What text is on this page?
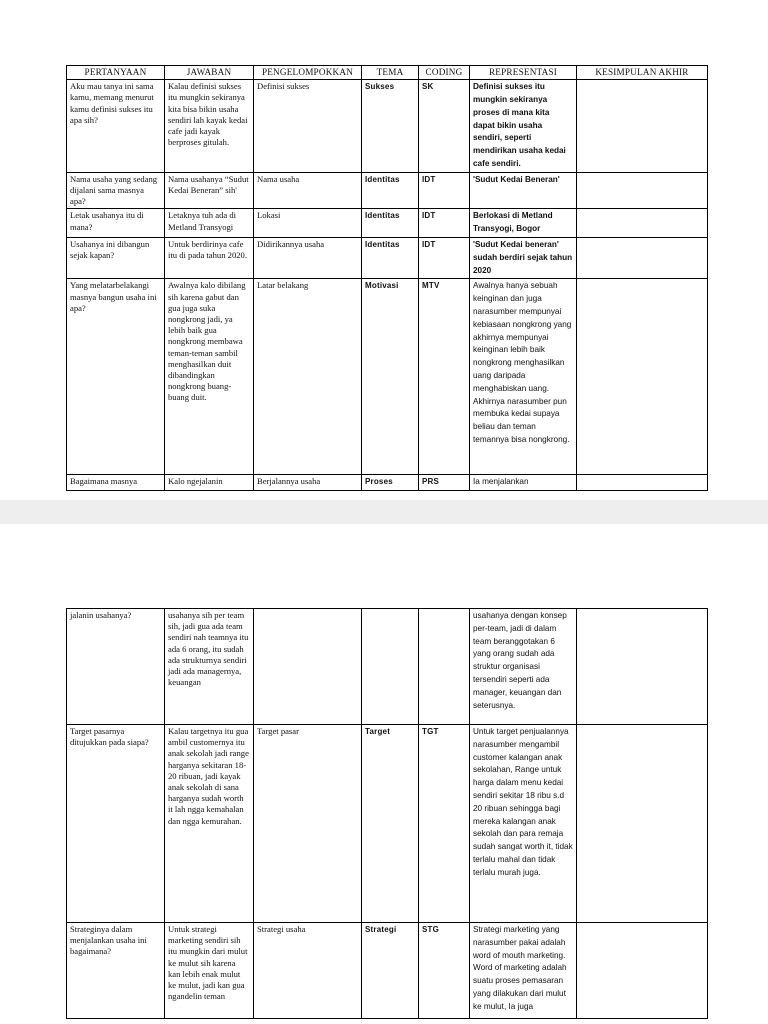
PERTANYAAN	JAWABAN	PENGELOMPOKKAN	TEMA	CODING	REPRESENTASI	KESIMPULAN AKHIR
Aku mau tanya ini sama kamu, memang menurut kamu definisi sukses itu apa sih?	Kalau definisi sukses itu mungkin sekiranya kita bisa bikin usaha sendiri lah kayak kedai cafe jadi kayak berproses gitulah.	Definisi sukses	Sukses	SK	Definisi sukses itu mungkin sekiranya proses di mana kita dapat bikin usaha sendiri, seperti mendirikan usaha kedai cafe sendiri.	
Nama usaha yang sedang dijalani sama masnya apa?	Nama usahanya “Sudut Kedai Beneran” sih'	Nama usaha	Identitas	IDT	'Sudut Kedai Beneran'	
Letak usahanya itu di mana?	Letaknya tuh ada di Metland Transyogi	Lokasi	Identitas	IDT	Berlokasi di Metland Transyogi, Bogor	
Usahanya ini dibangun sejak kapan?	Untuk berdirinya cafe itu di pada tahun 2020.	Didirikannya usaha	Identitas	IDT	'Sudut Kedai beneran' sudah berdiri sejak tahun 2020	
Yang melatarbelakangi masnya bangun usaha ini apa?	Awalnya kalo dibilang sih karena gabut dan gua juga suka nongkrong jadi, ya lebih baik gua nongkrong membawa teman-teman sambil menghasilkan duit dibandingkan nongkrong buang-buang duit.	Latar belakang	Motivasi	MTV	Awalnya hanya sebuah keinginan dan juga narasumber mempunyai kebiasaan nongkrong yang akhirnya mempunyai keinginan lebih baik nongkrong menghasilkan uang daripada menghabiskan uang. Akhirnya narasumber pun membuka kedai supaya beliau dan teman temannya bisa nongkrong.	
Bagaimana masnya	Kalo ngejalanin	Berjalannya usaha	Proses	PRS	Ia menjalankan	
jalanin usahanya?	usahanya sih per team sih, jadi gua ada team sendiri nah teamnya itu ada 6 orang, itu sudah ada strukturnya sendiri jadi ada managernya, keuangan				usahanya dengan konsep per-team, jadi di dalam team beranggotakan 6 yang orang sudah ada struktur organisasi tersendiri seperti ada manager, keuangan dan seterusnya.	
Target pasarnya ditujukkan pada siapa?	Kalau targetnya itu gua ambil customernya itu anak sekolah jadi range harganya sekitaran 18-20 ribuan, jadi kayak anak sekolah di sana harganya sudah worth it lah ngga kemahalan dan ngga kemurahan.	Target pasar	Target	TGT	Untuk target penjualannya narasumber mengambil customer kalangan anak sekolahan, Range untuk harga dalam menu kedai sendiri sekitar 18 ribu s.d 20 ribuan sehingga bagi mereka kalangan anak sekolah dan para remaja sudah sangat worth it, tidak terlalu mahal dan tidak terlalu murah juga.	
Strateginya dalam menjalankan usaha ini bagaimana?	Untuk strategi marketing sendiri sih itu mungkin dari mulut ke mulut sih karena kan lebih enak mulut ke mulut, jadi kan gua ngandelin teman	Strategi usaha	Strategi	STG	Strategi marketing yang narasumber pakai adalah word of mouth marketing. Word of marketing adalah suatu proses pemasaran yang dilakukan dari mulut ke mulut, Ia juga	
